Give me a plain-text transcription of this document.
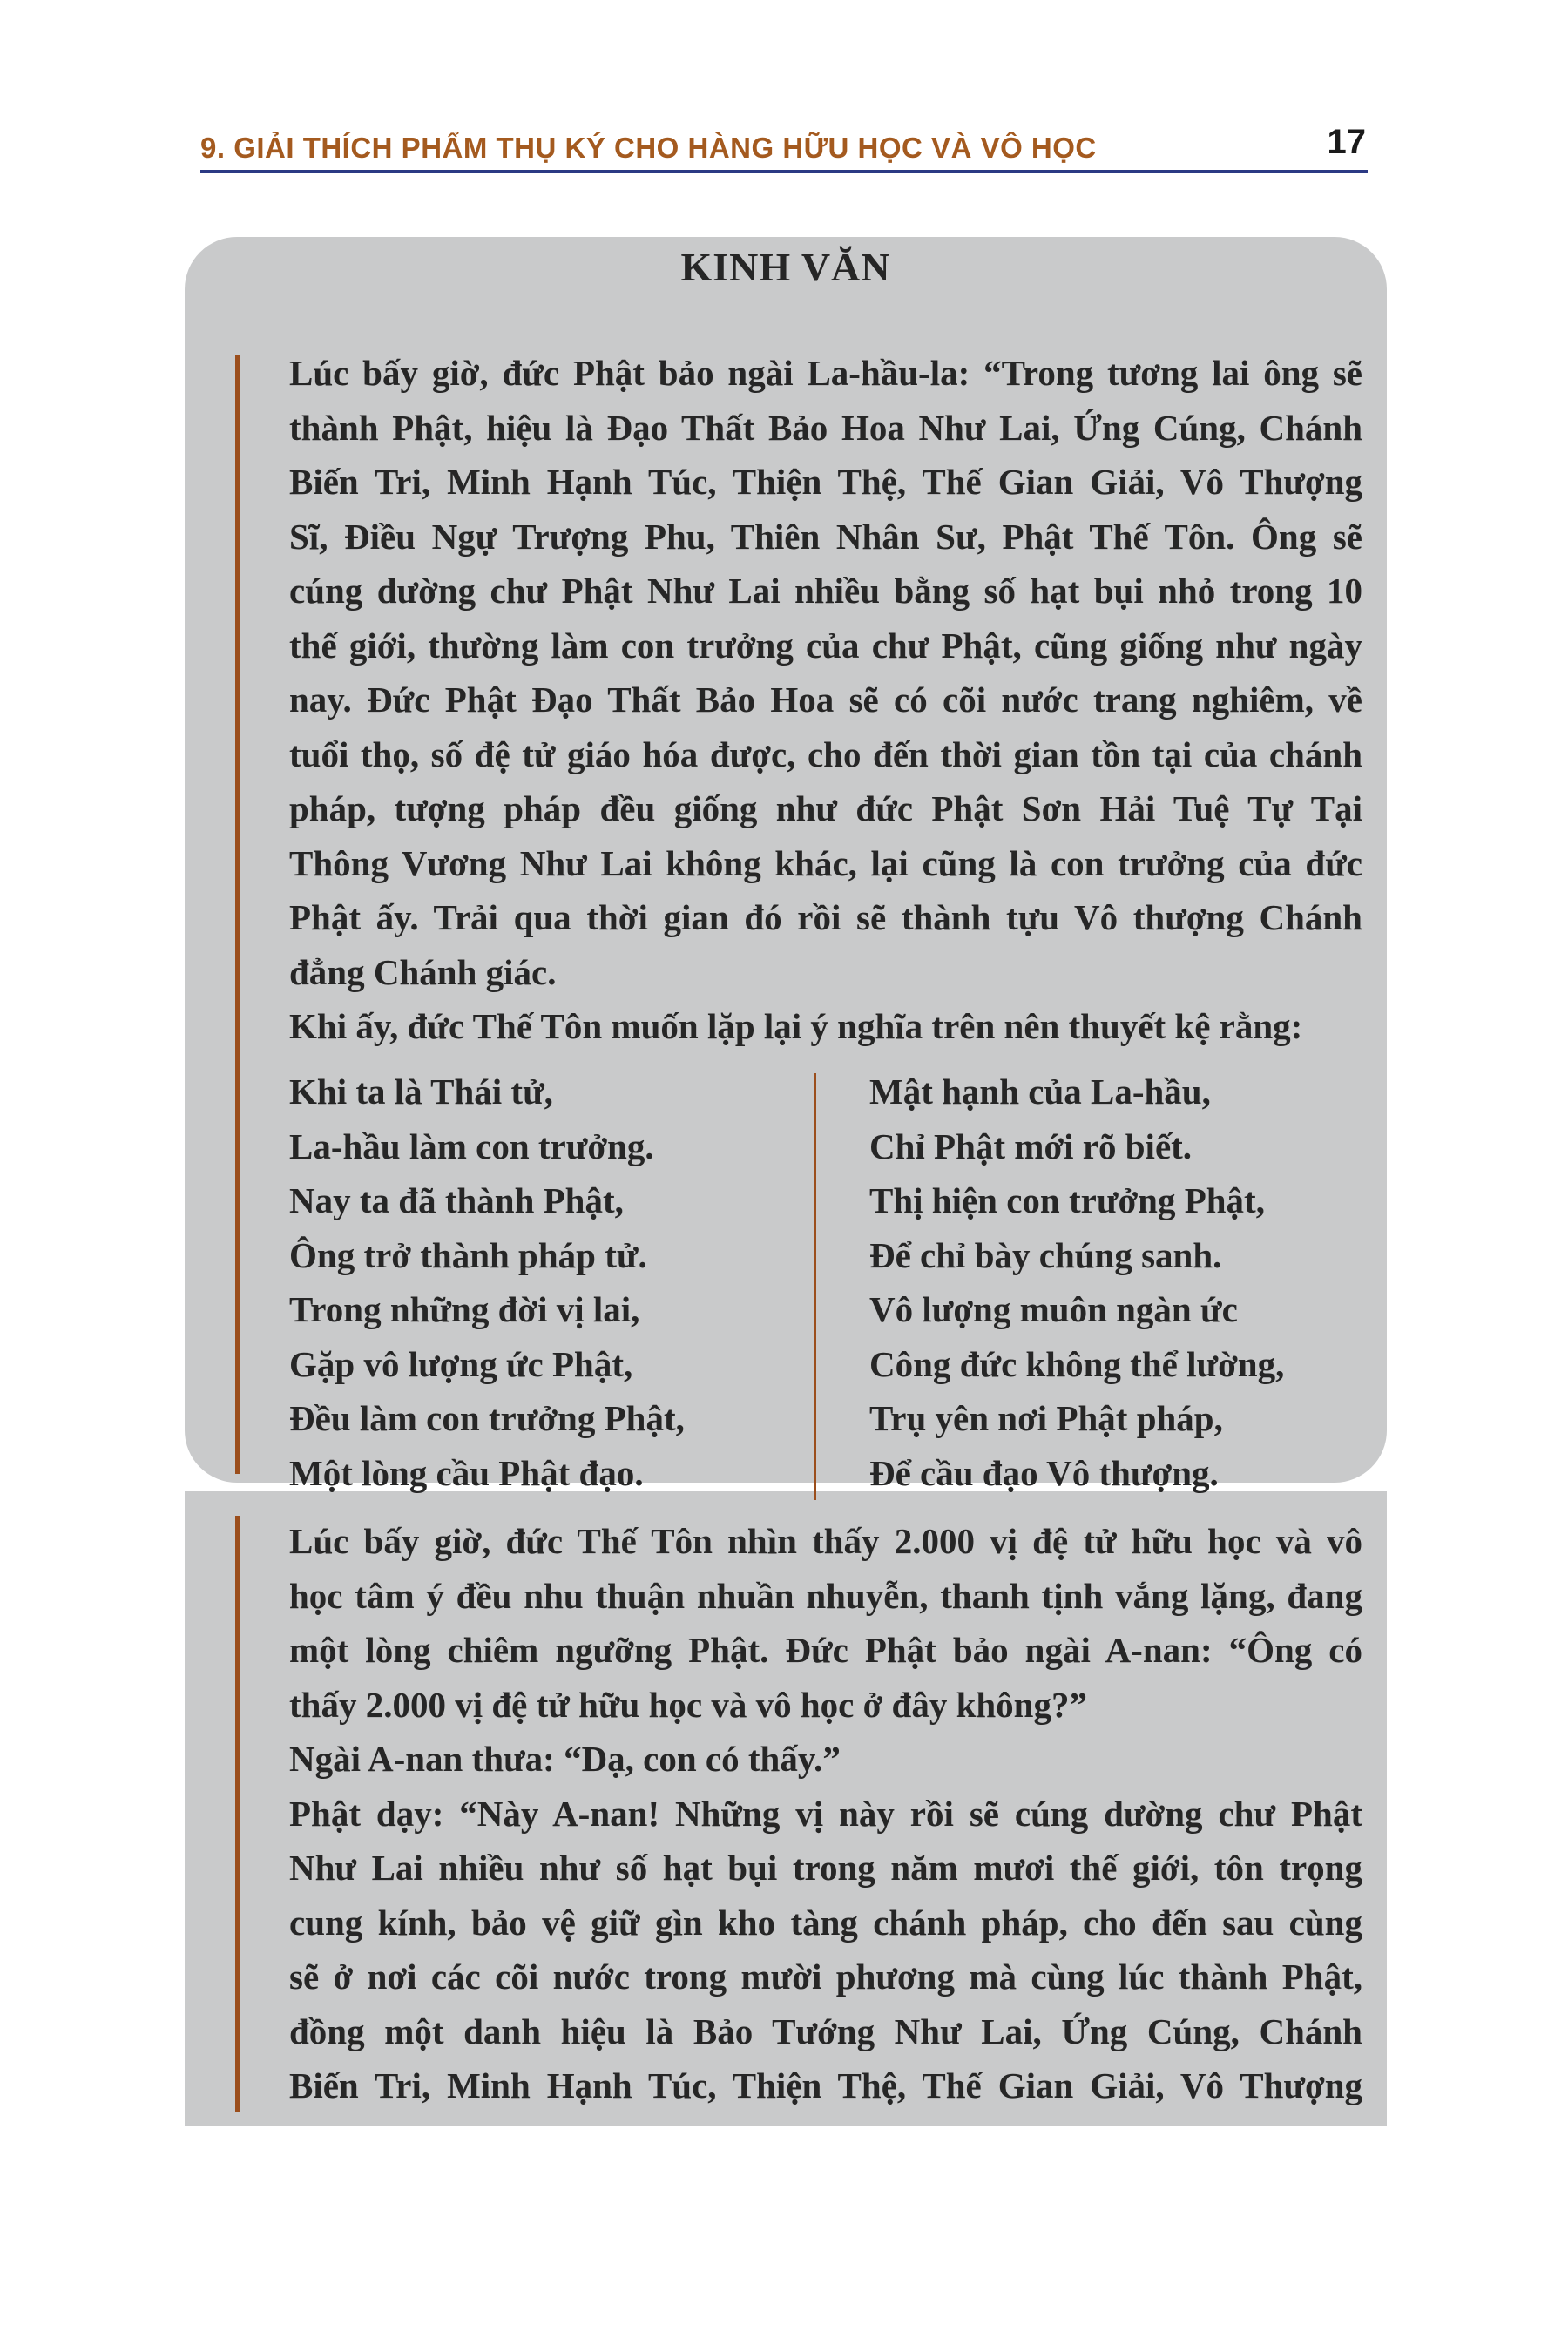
9. GIẢI THÍCH PHẨM THỤ KÝ CHO HÀNG HỮU HỌC VÀ VÔ HỌC	17
KINH VĂN

Lúc bấy giờ, đức Phật bảo ngài La-hầu-la: “Trong tương lai ông sẽ

thành Phật, hiệu là Đạo Thất Bảo Hoa Như Lai, Ứng Cúng, Chánh

Biến Tri, Minh Hạnh Túc, Thiện Thệ, Thế Gian Giải, Vô Thượng

Sĩ, Điều Ngự Trượng Phu, Thiên Nhân Sư, Phật Thế Tôn. Ông sẽ

cúng dường chư Phật Như Lai nhiều bằng số hạt bụi nhỏ trong 10

thế giới, thường làm con trưởng của chư Phật, cũng giống như ngày

nay. Đức Phật Đạo Thất Bảo Hoa sẽ có cõi nước trang nghiêm, về

tuổi thọ, số đệ tử giáo hóa được, cho đến thời gian tồn tại của chánh

pháp, tượng pháp đều giống như đức Phật Sơn Hải Tuệ Tự Tại

Thông Vương Như Lai không khác, lại cũng là con trưởng của đức

Phật ấy. Trải qua thời gian đó rồi sẽ thành tựu Vô thượng Chánh

đẳng Chánh giác.

Khi ấy, đức Thế Tôn muốn lặp lại ý nghĩa trên nên thuyết kệ rằng:

Khi ta là Thái tử,
La-hầu làm con trưởng.
Nay ta đã thành Phật,
Ông trở thành pháp tử.
Trong những đời vị lai,
Gặp vô lượng ức Phật,
Đều làm con trưởng Phật,
Một lòng cầu Phật đạo.
Mật hạnh của La-hầu,
Chỉ Phật mới rõ biết.
Thị hiện con trưởng Phật,
Để chỉ bày chúng sanh.
Vô lượng muôn ngàn ức
Công đức không thể lường,
Trụ yên nơi Phật pháp,
Để cầu đạo Vô thượng.

Lúc bấy giờ, đức Thế Tôn nhìn thấy 2.000 vị đệ tử hữu học và vô

học tâm ý đều nhu thuận nhuần nhuyễn, thanh tịnh vắng lặng, đang

một lòng chiêm ngưỡng Phật. Đức Phật bảo ngài A-nan: “Ông có

thấy 2.000 vị đệ tử hữu học và vô học ở đây không?”

Ngài A-nan thưa: “Dạ, con có thấy.”

Phật dạy: “Này A-nan! Những vị này rồi sẽ cúng dường chư Phật

Như Lai nhiều như số hạt bụi trong năm mươi thế giới, tôn trọng

cung kính, bảo vệ giữ gìn kho tàng chánh pháp, cho đến sau cùng

sẽ ở nơi các cõi nước trong mười phương mà cùng lúc thành Phật,

đồng một danh hiệu là Bảo Tướng Như Lai, Ứng Cúng, Chánh

Biến Tri, Minh Hạnh Túc, Thiện Thệ, Thế Gian Giải, Vô Thượng
